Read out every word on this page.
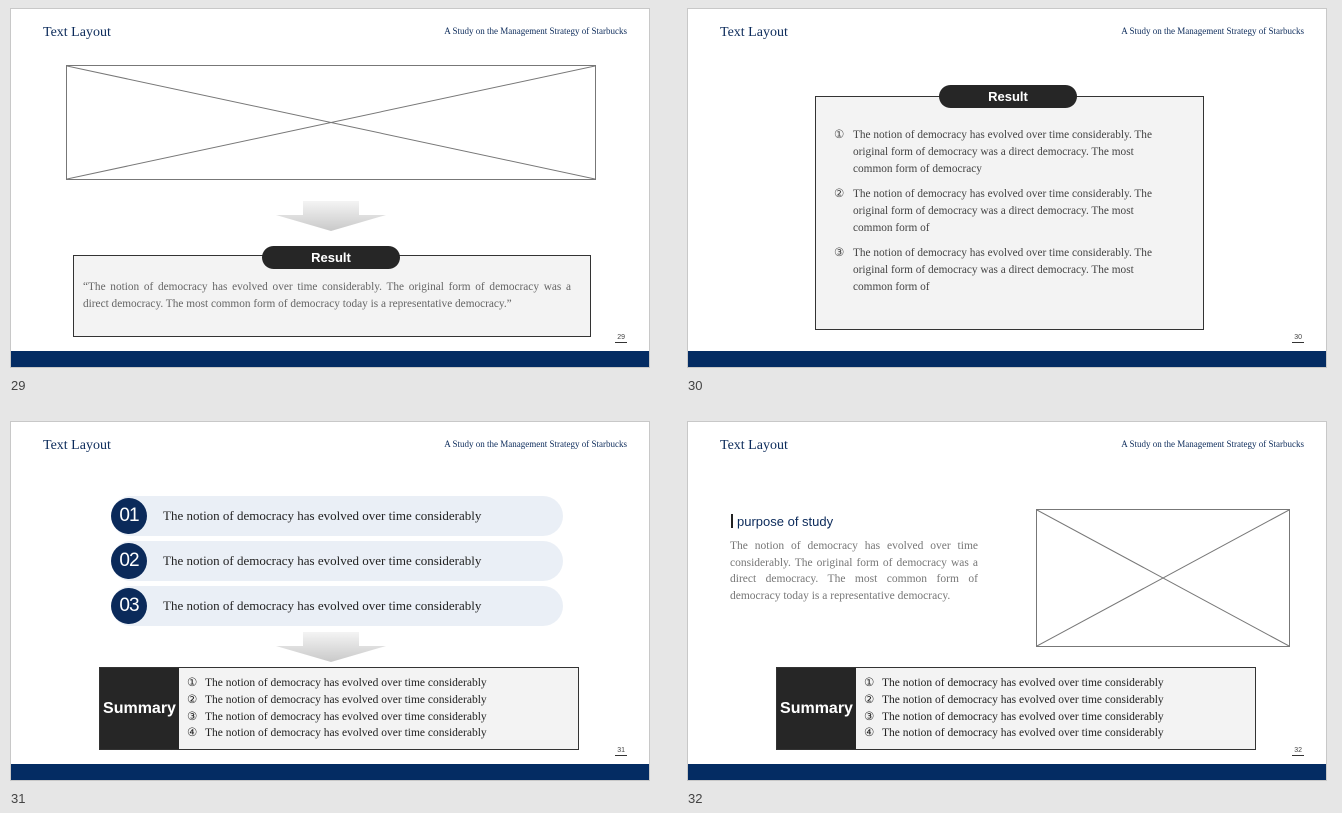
Text Layout	A Study on the Management Strategy of Starbucks
“The notion of democracy has evolved over time considerably. The original form of democracy was a direct democracy. The most common form of democracy today is a representative democracy.”
Result
29
29
Text Layout	A Study on the Management Strategy of Starbucks
① The notion of democracy has evolved over time considerably. The original form of democracy was a direct democracy. The most common form of democracy
② The notion of democracy has evolved over time considerably. The original form of democracy was a direct democracy. The most common form of
③ The notion of democracy has evolved over time considerably. The original form of democracy was a direct democracy. The most common form of
Result
30
30
Text Layout	A Study on the Management Strategy of Starbucks
01	The notion of democracy has evolved over time considerably
02	The notion of democracy has evolved over time considerably
03	The notion of democracy has evolved over time considerably
Summary
① The notion of democracy has evolved over time considerably
② The notion of democracy has evolved over time considerably
③ The notion of democracy has evolved over time considerably
④ The notion of democracy has evolved over time considerably
31
31
Text Layout	A Study on the Management Strategy of Starbucks
purpose of study
The notion of democracy has evolved over time considerably. The original form of democracy was a direct democracy. The most common form of democracy today is a representative democracy.
Summary
① The notion of democracy has evolved over time considerably
② The notion of democracy has evolved over time considerably
③ The notion of democracy has evolved over time considerably
④ The notion of democracy has evolved over time considerably
32
32
